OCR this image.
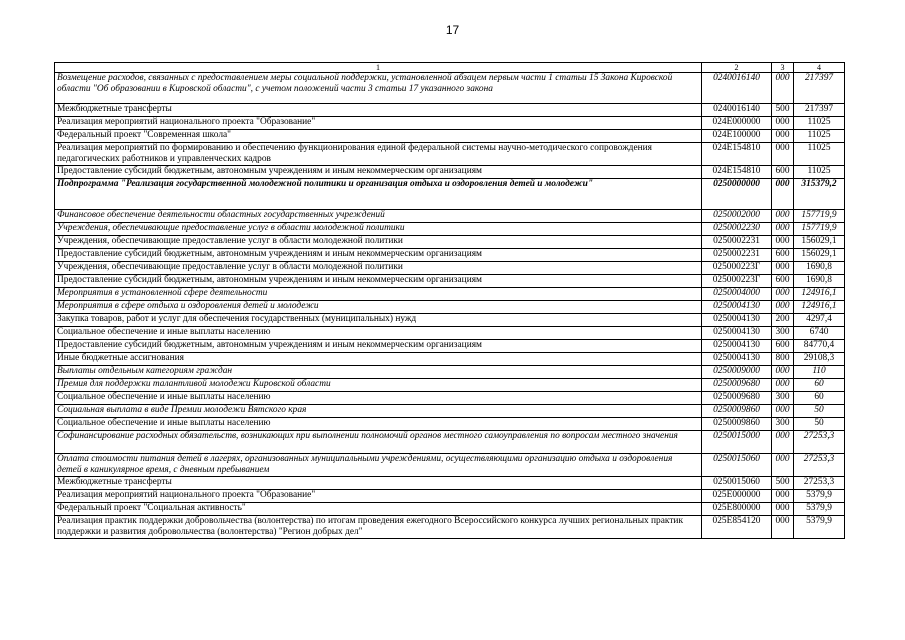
17
1	2	3	4
Возмещение расходов, связанных с предоставлением меры социальной поддержки, установленной абзацем первым части 1 статьи 15 Закона Кировской области "Об образовании в Кировской области", с учетом положений части 3 статьи 17 указанного закона	0240016140	000	217397
Межбюджетные трансферты	0240016140	500	217397
Реализация мероприятий национального проекта "Образование"	024E000000	000	11025
Федеральный проект "Современная школа"	024E100000	000	11025
Реализация мероприятий по формированию и обеспечению функционирования единой федеральной системы научно-методического сопровождения педагогических работников и управленческих кадров	024E154810	000	11025
Предоставление субсидий бюджетным, автономным учреждениям и иным некоммерческим организациям	024E154810	600	11025
Подпрограмма "Реализация государственной молодежной политики и организация отдыха и оздоровления детей и молодежи"	0250000000	000	315379,2
Финансовое обеспечение деятельности областных государственных учреждений	0250002000	000	157719,9
Учреждения, обеспечивающие предоставление услуг в области молодежной политики	0250002230	000	157719,9
Учреждения, обеспечивающие предоставление услуг в области молодежной политики	0250002231	000	156029,1
Предоставление субсидий бюджетным, автономным учреждениям и иным некоммерческим организациям	0250002231	600	156029,1
Учреждения, обеспечивающие предоставление услуг в области молодежной политики	025000223Г	000	1690,8
Предоставление субсидий бюджетным, автономным учреждениям и иным некоммерческим организациям	025000223Г	600	1690,8
Мероприятия в установленной сфере деятельности	0250004000	000	124916,1
Мероприятия в сфере отдыха и оздоровления детей и молодежи	0250004130	000	124916,1
Закупка товаров, работ и услуг для обеспечения государственных (муниципальных) нужд	0250004130	200	4297,4
Социальное обеспечение и иные выплаты населению	0250004130	300	6740
Предоставление субсидий бюджетным, автономным учреждениям и иным некоммерческим организациям	0250004130	600	84770,4
Иные бюджетные ассигнования	0250004130	800	29108,3
Выплаты отдельным категориям граждан	0250009000	000	110
Премия для поддержки талантливой молодежи Кировской области	0250009680	000	60
Социальное обеспечение и иные выплаты населению	0250009680	300	60
Социальная выплата в виде Премии молодежи Вятского края	0250009860	000	50
Социальное обеспечение и иные выплаты населению	0250009860	300	50
Софинансирование расходных обязательств, возникающих при выполнении полномочий органов местного самоуправления по вопросам местного значения	0250015000	000	27253,3
Оплата стоимости питания детей в лагерях, организованных муниципальными учреждениями, осуществляющими организацию отдыха и оздоровления детей в каникулярное время, с дневным пребыванием	0250015060	000	27253,3
Межбюджетные трансферты	0250015060	500	27253,3
Реализация мероприятий национального проекта "Образование"	025E000000	000	5379,9
Федеральный проект "Социальная активность"	025E800000	000	5379,9
Реализация практик поддержки добровольчества (волонтерства) по итогам проведения ежегодного Всероссийского конкурса лучших региональных практик поддержки и развития добровольчества (волонтерства) "Регион добрых дел"	025E854120	000	5379,9
